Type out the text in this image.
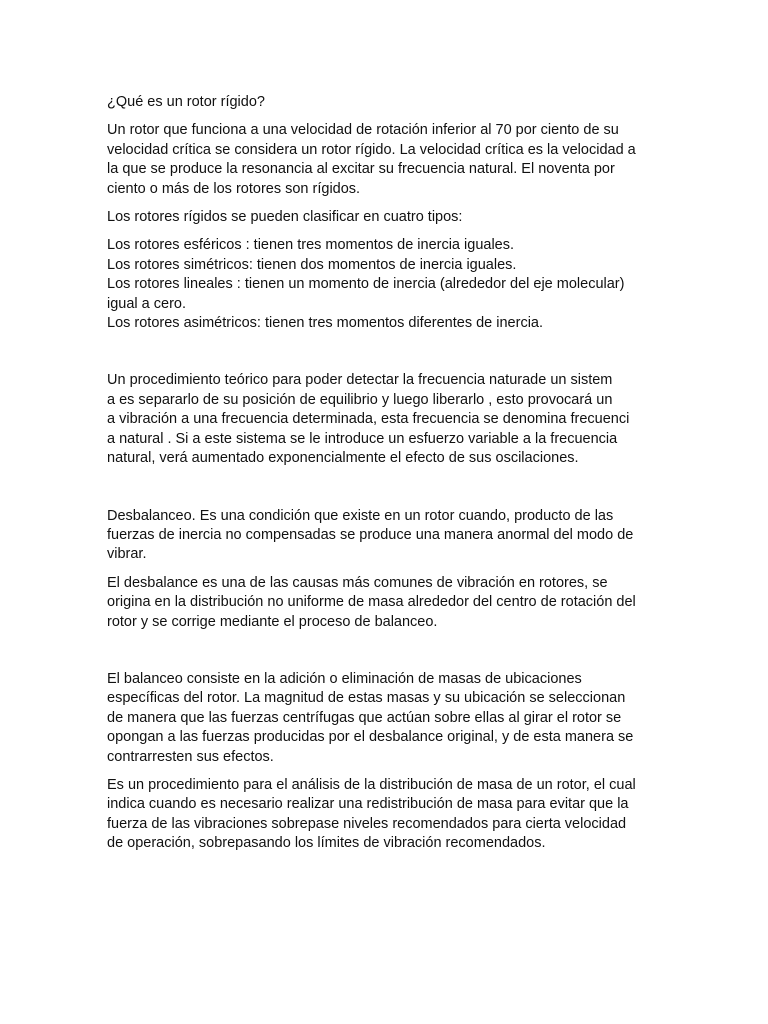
¿Qué es un rotor rígido?

Un rotor que funciona a una velocidad de rotación inferior al 70 por ciento de su
velocidad crítica se considera un rotor rígido. La velocidad crítica es la velocidad a
la que se produce la resonancia al excitar su frecuencia natural. El noventa por
ciento o más de los rotores son rígidos.

Los rotores rígidos se pueden clasificar en cuatro tipos:

Los rotores esféricos : tienen tres momentos de inercia iguales.
Los rotores simétricos: tienen dos momentos de inercia iguales.
Los rotores lineales : tienen un momento de inercia (alrededor del eje molecular)
igual a cero.
Los rotores asimétricos: tienen tres momentos diferentes de inercia.

Un procedimiento teórico para poder detectar la frecuencia naturade un sistem
a es separarlo de su posición de equilibrio y luego liberarlo , esto provocará un
a vibración a una frecuencia determinada, esta frecuencia se denomina frecuenci
a natural . Si a este sistema se le introduce un esfuerzo variable a la frecuencia
natural, verá aumentado exponencialmente el efecto de sus oscilaciones.

Desbalanceo. Es una condición que existe en un rotor cuando, producto de las
fuerzas de inercia no compensadas se produce una manera anormal del modo de
vibrar.

El desbalance es una de las causas más comunes de vibración en rotores, se
origina en la distribución no uniforme de masa alrededor del centro de rotación del
rotor y se corrige mediante el proceso de balanceo.

El balanceo consiste en la adición o eliminación de masas de ubicaciones
específicas del rotor. La magnitud de estas masas y su ubicación se seleccionan
de manera que las fuerzas centrífugas que actúan sobre ellas al girar el rotor se
opongan a las fuerzas producidas por el desbalance original, y de esta manera se
contrarresten sus efectos.

Es un procedimiento para el análisis de la distribución de masa de un rotor, el cual
indica cuando es necesario realizar una redistribución de masa para evitar que la
fuerza de las vibraciones sobrepase niveles recomendados para cierta velocidad
de operación, sobrepasando los límites de vibración recomendados.
